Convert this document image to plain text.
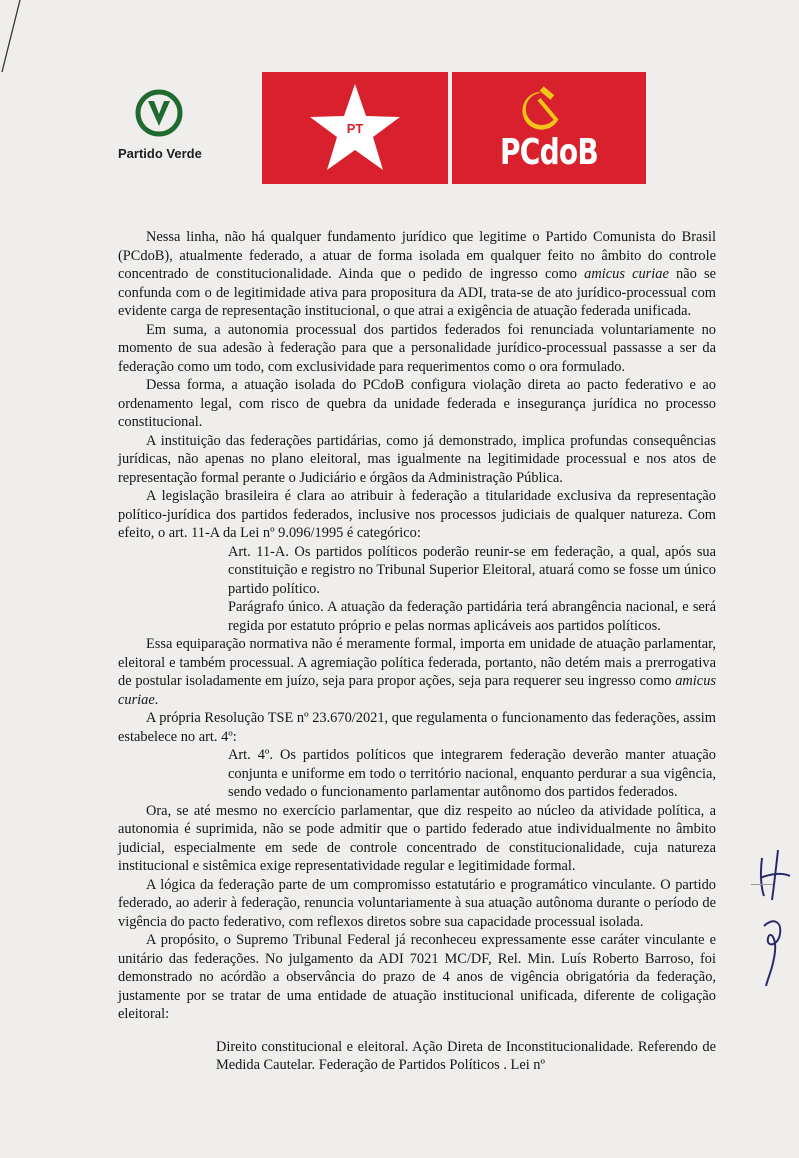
Partido Verde
PT
PCdoB

Nessa linha, não há qualquer fundamento jurídico que legitime o Partido Comunista do Brasil (PCdoB), atualmente federado, a atuar de forma isolada em qualquer feito no âmbito do controle concentrado de constitucionalidade. Ainda que o pedido de ingresso como amicus curiae não se confunda com o de legitimidade ativa para propositura da ADI, trata-se de ato jurídico-processual com evidente carga de representação institucional, o que atrai a exigência de atuação federada unificada.

Em suma, a autonomia processual dos partidos federados foi renunciada voluntariamente no momento de sua adesão à federação para que a personalidade jurídico-processual passasse a ser da federação como um todo, com exclusividade para requerimentos como o ora formulado.

Dessa forma, a atuação isolada do PCdoB configura violação direta ao pacto federativo e ao ordenamento legal, com risco de quebra da unidade federada e insegurança jurídica no processo constitucional.

A instituição das federações partidárias, como já demonstrado, implica profundas consequências jurídicas, não apenas no plano eleitoral, mas igualmente na legitimidade processual e nos atos de representação formal perante o Judiciário e órgãos da Administração Pública.

A legislação brasileira é clara ao atribuir à federação a titularidade exclusiva da representação político-jurídica dos partidos federados, inclusive nos processos judiciais de qualquer natureza. Com efeito, o art. 11-A da Lei nº 9.096/1995 é categórico:

Art. 11-A. Os partidos políticos poderão reunir-se em federação, a qual, após sua constituição e registro no Tribunal Superior Eleitoral, atuará como se fosse um único partido político.

Parágrafo único. A atuação da federação partidária terá abrangência nacional, e será regida por estatuto próprio e pelas normas aplicáveis aos partidos políticos.

Essa equiparação normativa não é meramente formal, importa em unidade de atuação parlamentar, eleitoral e também processual. A agremiação política federada, portanto, não detém mais a prerrogativa de postular isoladamente em juízo, seja para propor ações, seja para requerer seu ingresso como amicus curiae.

A própria Resolução TSE nº 23.670/2021, que regulamenta o funcionamento das federações, assim estabelece no art. 4º:

Art. 4º. Os partidos políticos que integrarem federação deverão manter atuação conjunta e uniforme em todo o território nacional, enquanto perdurar a sua vigência, sendo vedado o funcionamento parlamentar autônomo dos partidos federados.

Ora, se até mesmo no exercício parlamentar, que diz respeito ao núcleo da atividade política, a autonomia é suprimida, não se pode admitir que o partido federado atue individualmente no âmbito judicial, especialmente em sede de controle concentrado de constitucionalidade, cuja natureza institucional e sistêmica exige representatividade regular e legitimidade formal.

A lógica da federação parte de um compromisso estatutário e programático vinculante. O partido federado, ao aderir à federação, renuncia voluntariamente à sua atuação autônoma durante o período de vigência do pacto federativo, com reflexos diretos sobre sua capacidade processual isolada.

A propósito, o Supremo Tribunal Federal já reconheceu expressamente esse caráter vinculante e unitário das federações. No julgamento da ADI 7021 MC/DF, Rel. Min. Luís Roberto Barroso, foi demonstrado no acórdão a observância do prazo de 4 anos de vigência obrigatória da federação, justamente por se tratar de uma entidade de atuação institucional unificada, diferente de coligação eleitoral:

Direito constitucional e eleitoral. Ação Direta de Inconstitucionalidade. Referendo de Medida Cautelar. Federação de Partidos Políticos . Lei nº
